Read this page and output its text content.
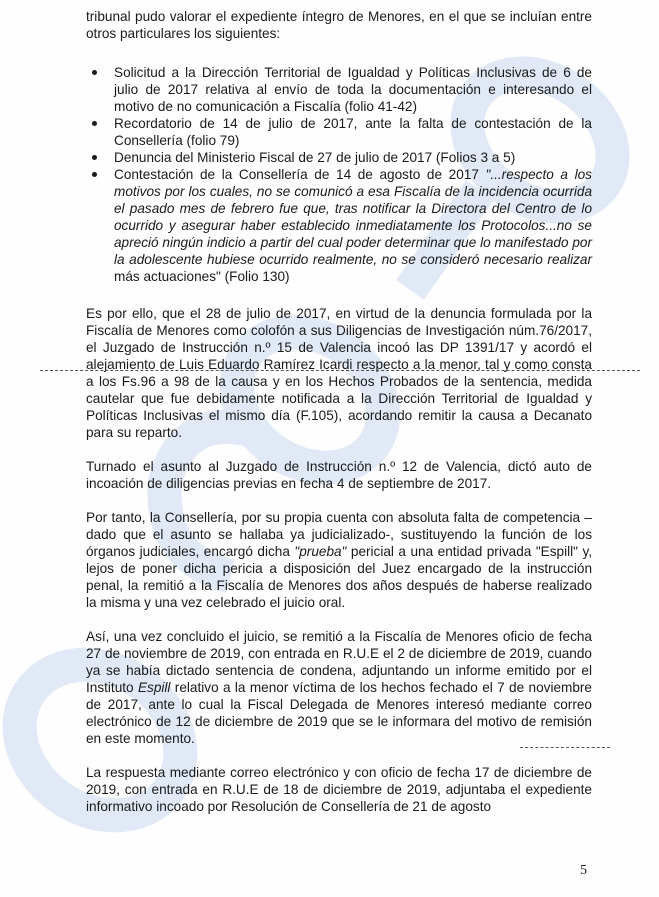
tribunal pudo valorar el expediente íntegro de Menores, en el que se incluían entre otros particulares los siguientes:

Solicitud a la Dirección Territorial de Igualdad y Políticas Inclusivas de 6 de julio de 2017 relativa al envío de toda la documentación e interesando el motivo de no comunicación a Fiscalía (folio 41-42)
Recordatorio de 14 de julio de 2017, ante la falta de contestación de la Consellería (folio 79)
Denuncia del Ministerio Fiscal de 27 de julio de 2017 (Folios 3 a 5)
Contestación de la Consellería de 14 de agosto de 2017 "...respecto a los motivos por los cuales, no se comunicó a esa Fiscalía de la incidencia ocurrida el pasado mes de febrero fue que, tras notificar la Directora del Centro de lo ocurrido y asegurar haber establecido inmediatamente los Protocolos...no se apreció ningún indicio a partir del cual poder determinar que lo manifestado por la adolescente hubiese ocurrido realmente, no se consideró necesario realizar más actuaciones" (Folio 130)

Es por ello, que el 28 de julio de 2017, en virtud de la denuncia formulada por la Fiscalía de Menores como colofón a sus Diligencias de Investigación núm.76/2017, el Juzgado de Instrucción n.º 15 de Valencia incoó las DP 1391/17 y acordó el alejamiento de Luis Eduardo Ramírez Icardi respecto a la menor, tal y como consta a los Fs.96 a 98 de la causa y en los Hechos Probados de la sentencia, medida cautelar que fue debidamente notificada a la Dirección Territorial de Igualdad y Políticas Inclusivas el mismo día (F.105), acordando remitir la causa a Decanato para su reparto.

Turnado el asunto al Juzgado de Instrucción n.º 12 de Valencia, dictó auto de incoación de diligencias previas en fecha 4 de septiembre de 2017.

Por tanto, la Consellería, por su propia cuenta con absoluta falta de competencia –dado que el asunto se hallaba ya judicializado-, sustituyendo la función de los órganos judiciales, encargó dicha "prueba" pericial a una entidad privada "Espill" y, lejos de poner dicha pericia a disposición del Juez encargado de la instrucción penal, la remitió a la Fiscalía de Menores dos años después de haberse realizado la misma y una vez celebrado el juicio oral.

Así, una vez concluido el juicio, se remitió a la Fiscalía de Menores oficio de fecha 27 de noviembre de 2019, con entrada en R.U.E el 2 de diciembre de 2019, cuando ya se había dictado sentencia de condena, adjuntando un informe emitido por el Instituto Espill relativo a la menor víctima de los hechos fechado el 7 de noviembre de 2017, ante lo cual la Fiscal Delegada de Menores interesó mediante correo electrónico de 12 de diciembre de 2019 que se le informara del motivo de remisión en este momento.

La respuesta mediante correo electrónico y con oficio de fecha 17 de diciembre de 2019, con entrada en R.U.E de 18 de diciembre de 2019, adjuntaba el expediente informativo incoado por Resolución de Consellería de 21 de agosto

5
